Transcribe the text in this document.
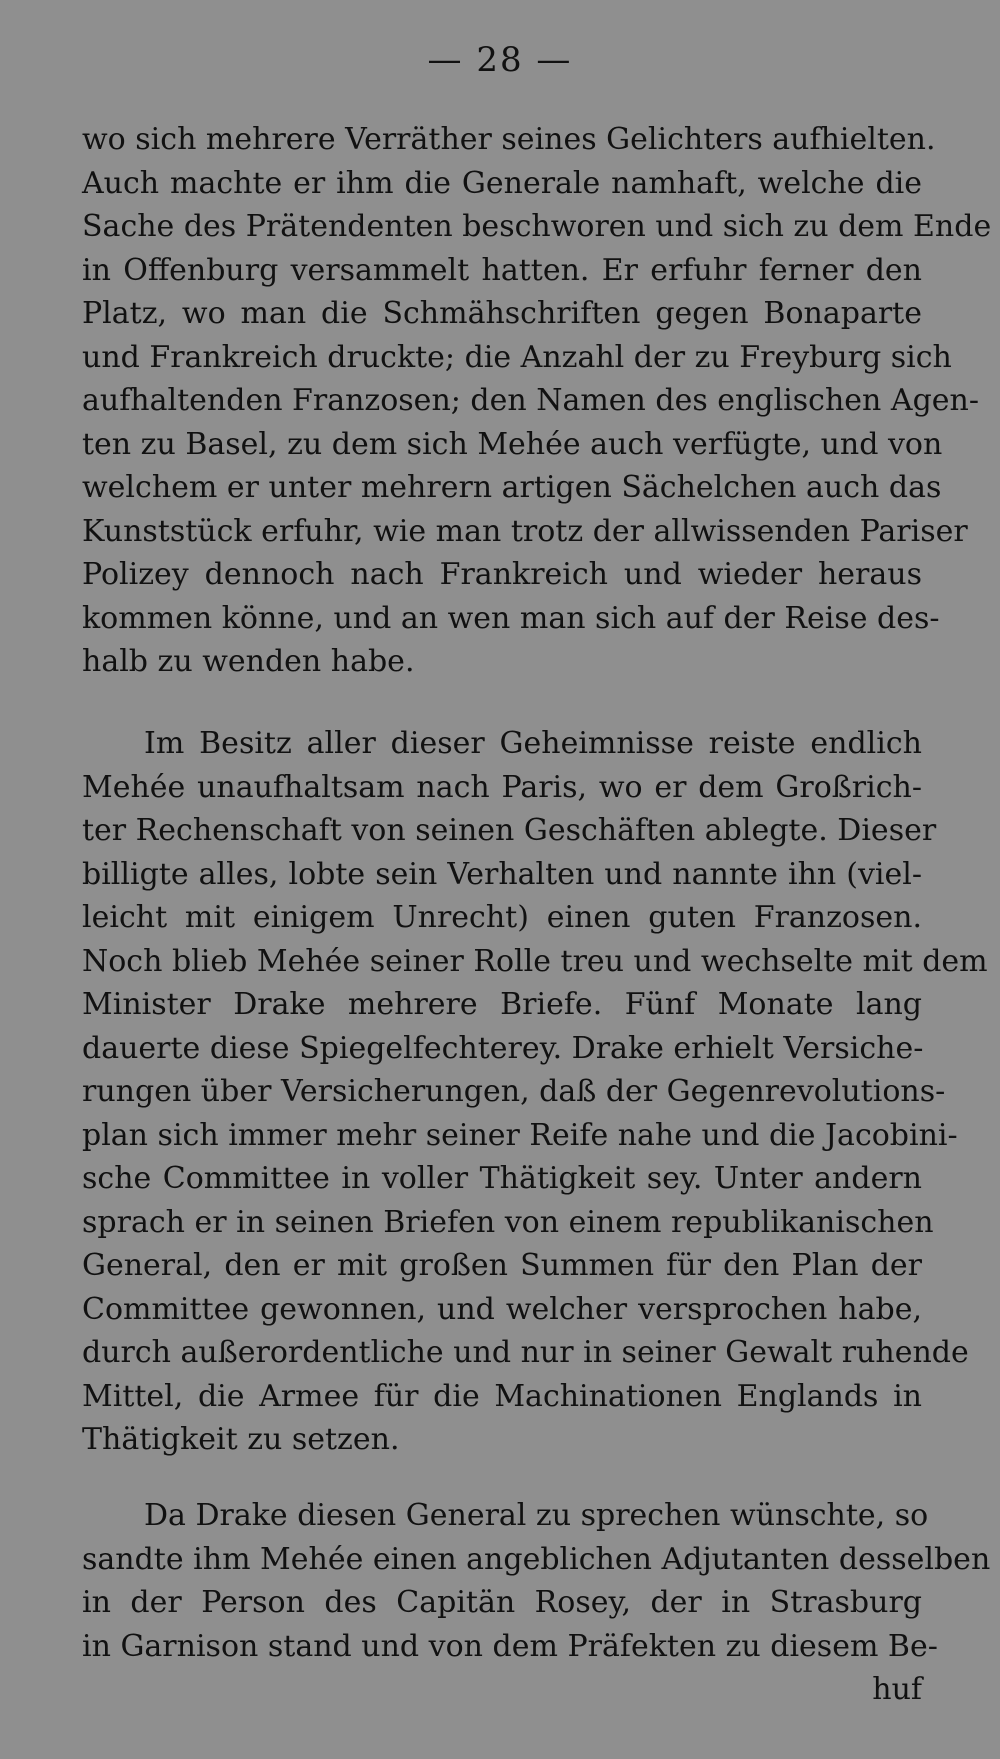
— 28 —
wo sich mehrere Verräther seines Gelichters aufhielten.
Auch machte er ihm die Generale namhaft, welche die
Sache des Prätendenten beschworen und sich zu dem Ende
in Offenburg versammelt hatten. Er erfuhr ferner den
Platz, wo man die Schmähschriften gegen Bonaparte
und Frankreich druckte; die Anzahl der zu Freyburg sich
aufhaltenden Franzosen; den Namen des englischen Agen-
ten zu Basel, zu dem sich Mehée auch verfügte, und von
welchem er unter mehrern artigen Sächelchen auch das
Kunststück erfuhr, wie man trotz der allwissenden Pariser
Polizey dennoch nach Frankreich und wieder heraus
kommen könne, und an wen man sich auf der Reise des-
halb zu wenden habe.
Im Besitz aller dieser Geheimnisse reiste endlich
Mehée unaufhaltsam nach Paris, wo er dem Großrich-
ter Rechenschaft von seinen Geschäften ablegte. Dieser
billigte alles, lobte sein Verhalten und nannte ihn (viel-
leicht mit einigem Unrecht) einen guten Franzosen.
Noch blieb Mehée seiner Rolle treu und wechselte mit dem
Minister Drake mehrere Briefe. Fünf Monate lang
dauerte diese Spiegelfechterey. Drake erhielt Versiche-
rungen über Versicherungen, daß der Gegenrevolutions-
plan sich immer mehr seiner Reife nahe und die Jacobini-
sche Committee in voller Thätigkeit sey. Unter andern
sprach er in seinen Briefen von einem republikanischen
General, den er mit großen Summen für den Plan der
Committee gewonnen, und welcher versprochen habe,
durch außerordentliche und nur in seiner Gewalt ruhende
Mittel, die Armee für die Machinationen Englands in
Thätigkeit zu setzen.
Da Drake diesen General zu sprechen wünschte, so
sandte ihm Mehée einen angeblichen Adjutanten desselben
in der Person des Capitän Rosey, der in Strasburg
in Garnison stand und von dem Präfekten zu diesem Be-
huf
